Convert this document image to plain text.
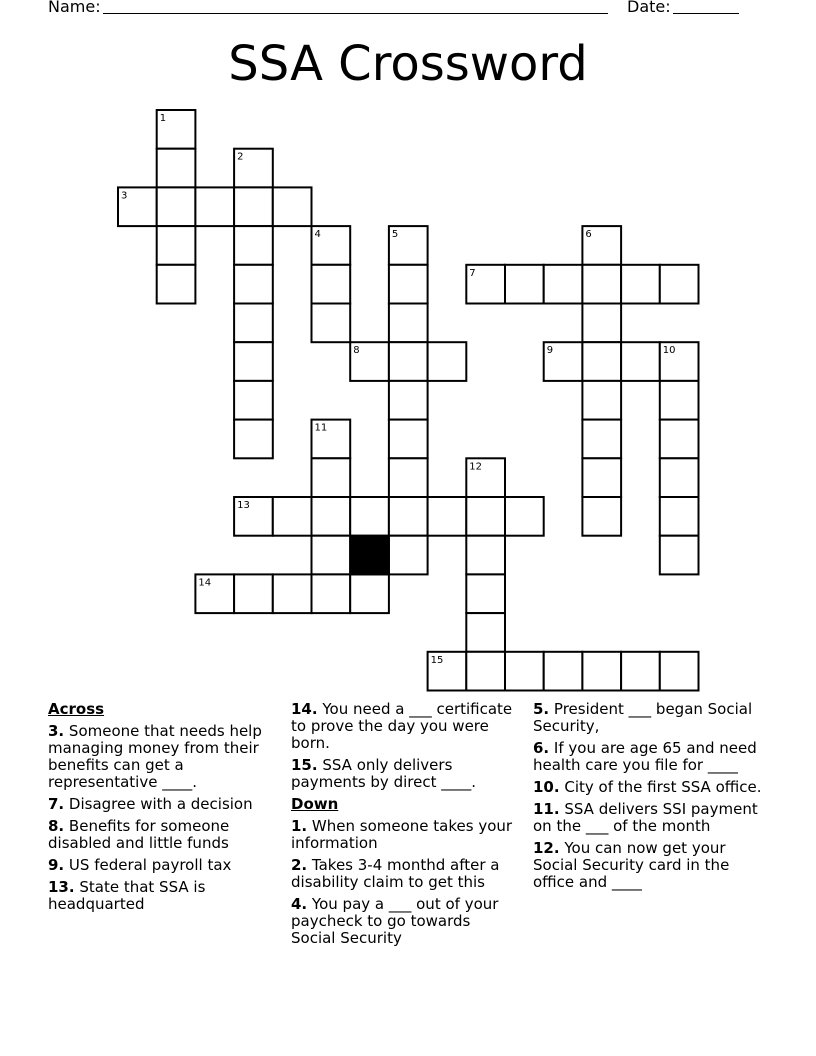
Name:	Date:
SSA Crossword
1
2
3
4	5	6
7
8	9	10
11
12
13
14
15
Across
3. Someone that needs help managing money from their benefits can get a representative ____.
7. Disagree with a decision
8. Benefits for someone disabled and little funds
9. US federal payroll tax
13. State that SSA is headquarted
14. You need a ___ certificate to prove the day you were born.
15. SSA only delivers payments by direct ____.
Down
1. When someone takes your information
2. Takes 3-4 monthd after a disability claim to get this
4. You pay a ___ out of your paycheck to go towards Social Security
5. President ___ began Social Security,
6. If you are age 65 and need health care you file for ____
10. City of the first SSA office.
11. SSA delivers SSI payment on the ___ of the month
12. You can now get your Social Security card in the office and ____
